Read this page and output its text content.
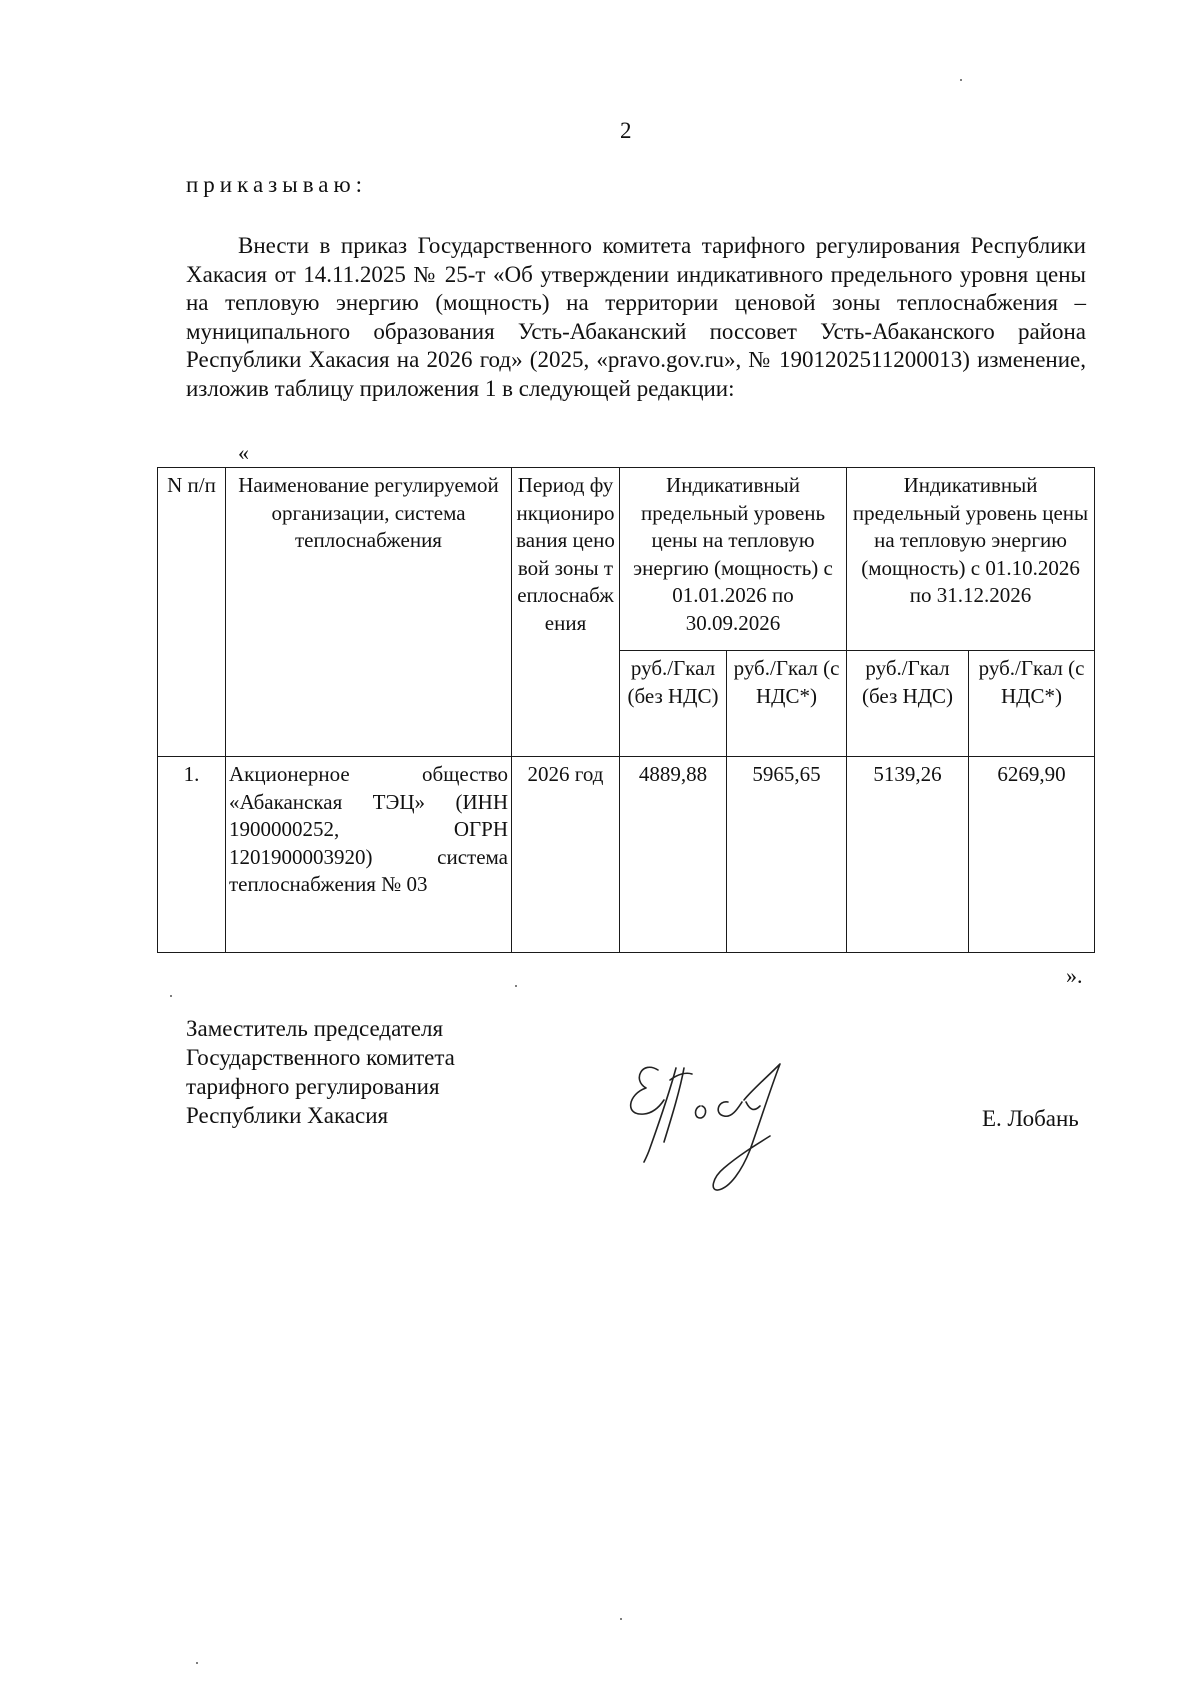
2
приказываю:
Внести в приказ Государственного комитета тарифного регулирования Республики Хакасия от 14.11.2025 № 25-т «Об утверждении индикативного предельного уровня цены на тепловую энергию (мощность) на территории ценовой зоны теплоснабжения – муниципального образования Усть-Абаканский поссовет Усть-Абаканского района Республики Хакасия на 2026 год» (2025, «pravo.gov.ru», № 1901202511200013) изменение, изложив таблицу приложения 1 в следующей редакции:
«
N п/п	Наименование регулируемой организации, система теплоснабжения	Период функционирования ценовой зоны теплоснабжения	Индикативный предельный уровень цены на тепловую энергию (мощность) с 01.01.2026 по 30.09.2026		Индикативный предельный уровень цены на тепловую энергию (мощность) с 01.10.2026 по 31.12.2026	
			руб./Гкал (без НДС)	руб./Гкал (с НДС*)	руб./Гкал (без НДС)	руб./Гкал (с НДС*)
1.	Акционерное общество «Абаканская ТЭЦ» (ИНН 1900000252, ОГРН 1201900003920) система теплоснабжения № 03	2026 год	4889,88	5965,65	5139,26	6269,90
».
Заместитель председателя
Государственного комитета
тарифного регулирования
Республики Хакасия	Е. Лобань
